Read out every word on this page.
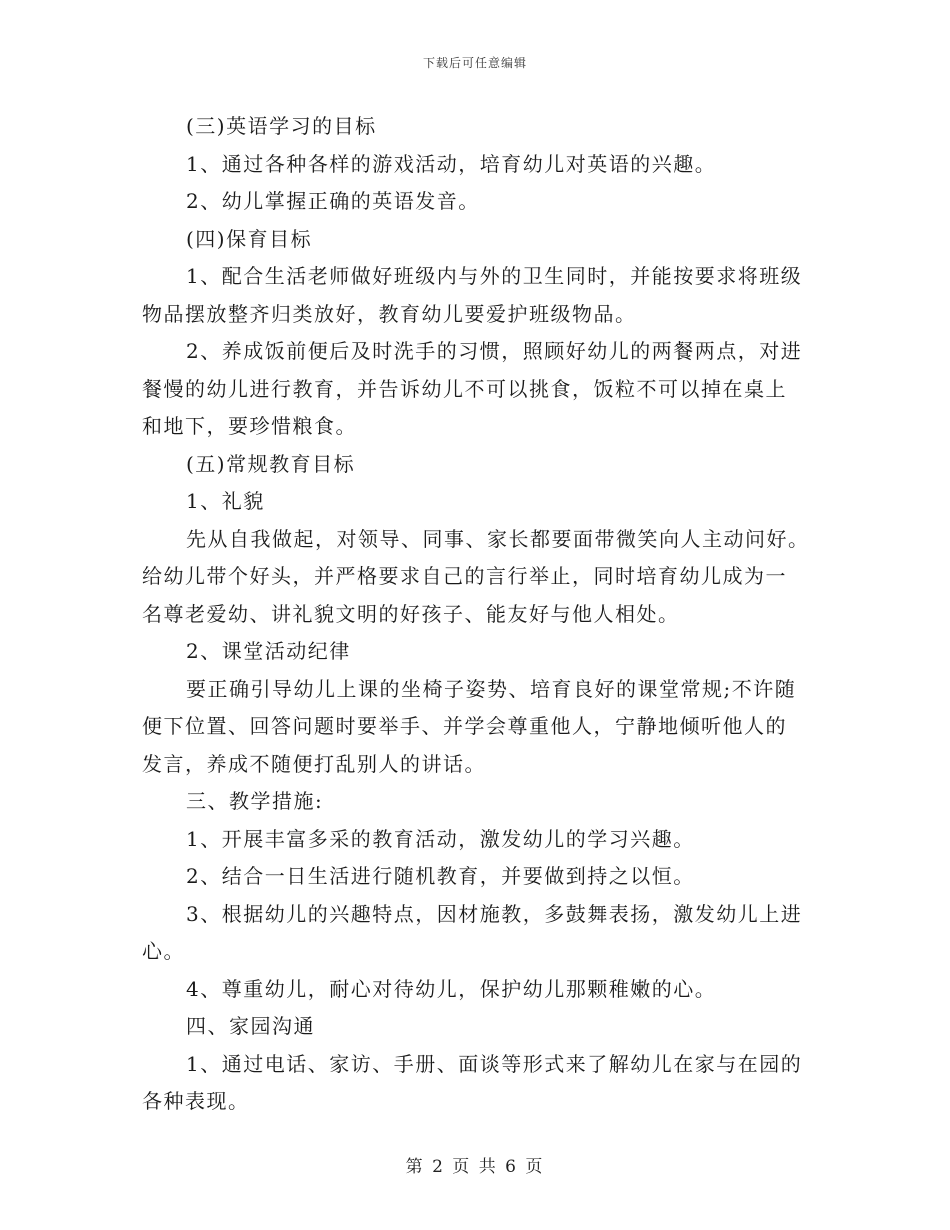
下载后可任意编辑
(三)英语学习的目标
1、通过各种各样的游戏活动，培育幼儿对英语的兴趣。
2、幼儿掌握正确的英语发音。
(四)保育目标
1、配合生活老师做好班级内与外的卫生同时，并能按要求将班级
物品摆放整齐归类放好，教育幼儿要爱护班级物品。
2、养成饭前便后及时洗手的习惯，照顾好幼儿的两餐两点，对进
餐慢的幼儿进行教育，并告诉幼儿不可以挑食，饭粒不可以掉在桌上
和地下，要珍惜粮食。
(五)常规教育目标
1、礼貌
先从自我做起，对领导、同事、家长都要面带微笑向人主动问好。
给幼儿带个好头，并严格要求自己的言行举止，同时培育幼儿成为一
名尊老爱幼、讲礼貌文明的好孩子、能友好与他人相处。
2、课堂活动纪律
要正确引导幼儿上课的坐椅子姿势、培育良好的课堂常规;不许随
便下位置、回答问题时要举手、并学会尊重他人，宁静地倾听他人的
发言，养成不随便打乱别人的讲话。
三、教学措施:
1、开展丰富多采的教育活动，激发幼儿的学习兴趣。
2、结合一日生活进行随机教育，并要做到持之以恒。
3、根据幼儿的兴趣特点，因材施教，多鼓舞表扬，激发幼儿上进
心。
4、尊重幼儿，耐心对待幼儿，保护幼儿那颗稚嫩的心。
四、家园沟通
1、通过电话、家访、手册、面谈等形式来了解幼儿在家与在园的
各种表现。
第 2 页 共 6 页
